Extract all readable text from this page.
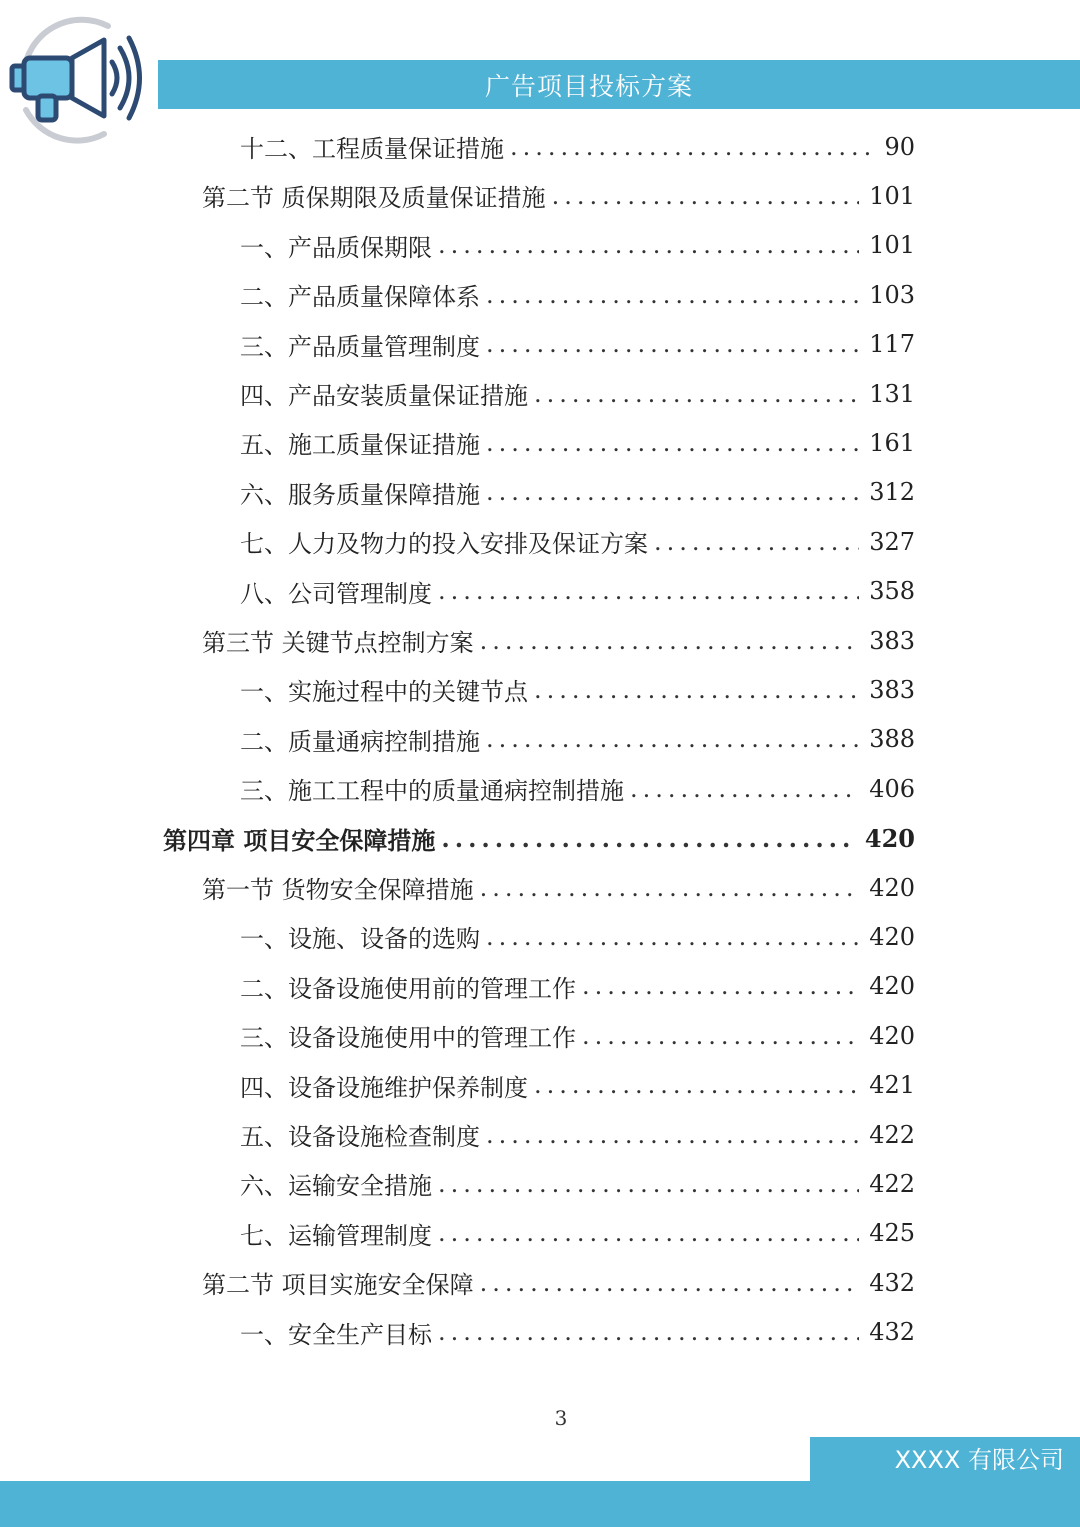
广告项目投标方案
十二、工程质量保证措施 .....	90
第二节 质保期限及质量保证措施 .....	101
一、产品质保期限 .....	101
二、产品质量保障体系 .....	103
三、产品质量管理制度 .....	117
四、产品安装质量保证措施 .....	131
五、施工质量保证措施 .....	161
六、服务质量保障措施 .....	312
七、人力及物力的投入安排及保证方案 .....	327
八、公司管理制度 .....	358
第三节 关键节点控制方案 .....	383
一、实施过程中的关键节点 .....	383
二、质量通病控制措施 .....	388
三、施工工程中的质量通病控制措施 .....	406
第四章 项目安全保障措施 .....	420
第一节 货物安全保障措施 .....	420
一、设施、设备的选购 .....	420
二、设备设施使用前的管理工作 .....	420
三、设备设施使用中的管理工作 .....	420
四、设备设施维护保养制度 .....	421
五、设备设施检查制度 .....	422
六、运输安全措施 .....	422
七、运输管理制度 .....	425
第二节 项目实施安全保障 .....	432
一、安全生产目标 .....	432
3
XXXX 有限公司
